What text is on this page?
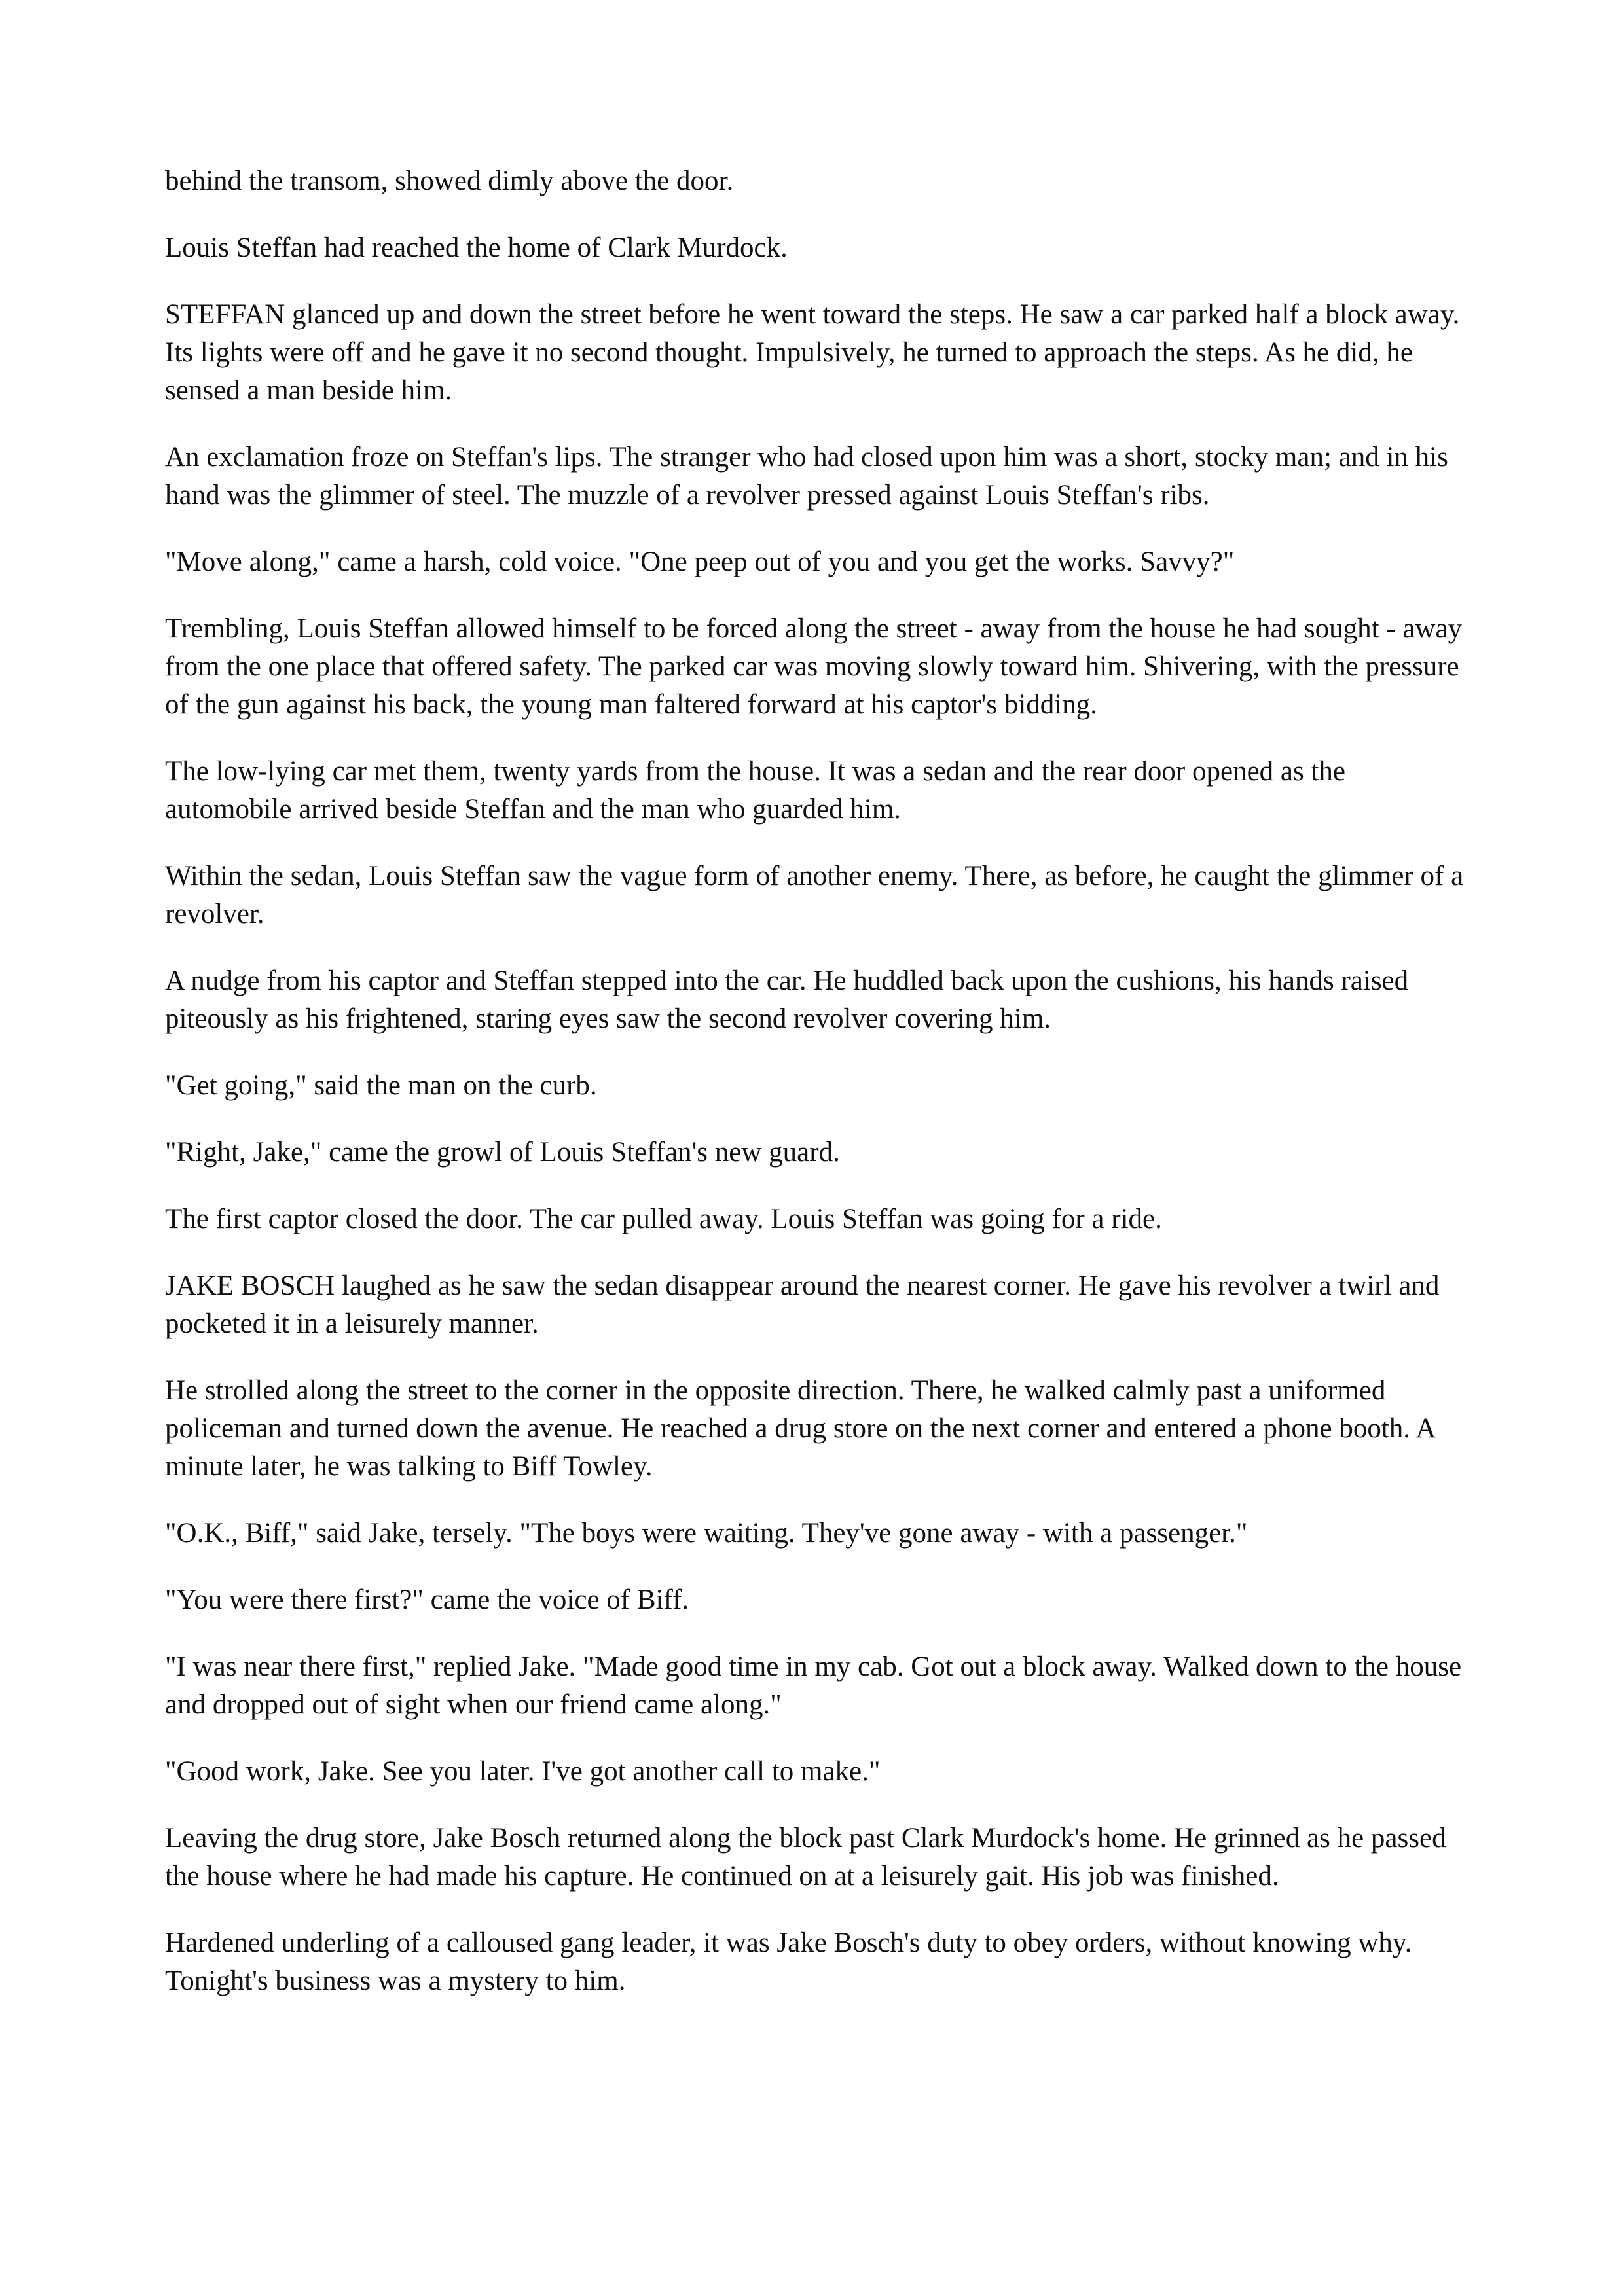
behind the transom, showed dimly above the door.

Louis Steffan had reached the home of Clark Murdock.

STEFFAN glanced up and down the street before he went toward the steps. He saw a car parked half a block away. Its lights were off and he gave it no second thought. Impulsively, he turned to approach the steps. As he did, he sensed a man beside him.

An exclamation froze on Steffan's lips. The stranger who had closed upon him was a short, stocky man; and in his hand was the glimmer of steel. The muzzle of a revolver pressed against Louis Steffan's ribs.

"Move along," came a harsh, cold voice. "One peep out of you and you get the works. Savvy?"

Trembling, Louis Steffan allowed himself to be forced along the street - away from the house he had sought - away from the one place that offered safety. The parked car was moving slowly toward him. Shivering, with the pressure of the gun against his back, the young man faltered forward at his captor's bidding.

The low-lying car met them, twenty yards from the house. It was a sedan and the rear door opened as the automobile arrived beside Steffan and the man who guarded him.

Within the sedan, Louis Steffan saw the vague form of another enemy. There, as before, he caught the glimmer of a revolver.

A nudge from his captor and Steffan stepped into the car. He huddled back upon the cushions, his hands raised piteously as his frightened, staring eyes saw the second revolver covering him.

"Get going," said the man on the curb.

"Right, Jake," came the growl of Louis Steffan's new guard.

The first captor closed the door. The car pulled away. Louis Steffan was going for a ride.

JAKE BOSCH laughed as he saw the sedan disappear around the nearest corner. He gave his revolver a twirl and pocketed it in a leisurely manner.

He strolled along the street to the corner in the opposite direction. There, he walked calmly past a uniformed policeman and turned down the avenue. He reached a drug store on the next corner and entered a phone booth. A minute later, he was talking to Biff Towley.

"O.K., Biff," said Jake, tersely. "The boys were waiting. They've gone away - with a passenger."

"You were there first?" came the voice of Biff.

"I was near there first," replied Jake. "Made good time in my cab. Got out a block away. Walked down to the house and dropped out of sight when our friend came along."

"Good work, Jake. See you later. I've got another call to make."

Leaving the drug store, Jake Bosch returned along the block past Clark Murdock's home. He grinned as he passed the house where he had made his capture. He continued on at a leisurely gait. His job was finished.

Hardened underling of a calloused gang leader, it was Jake Bosch's duty to obey orders, without knowing why. Tonight's business was a mystery to him.
